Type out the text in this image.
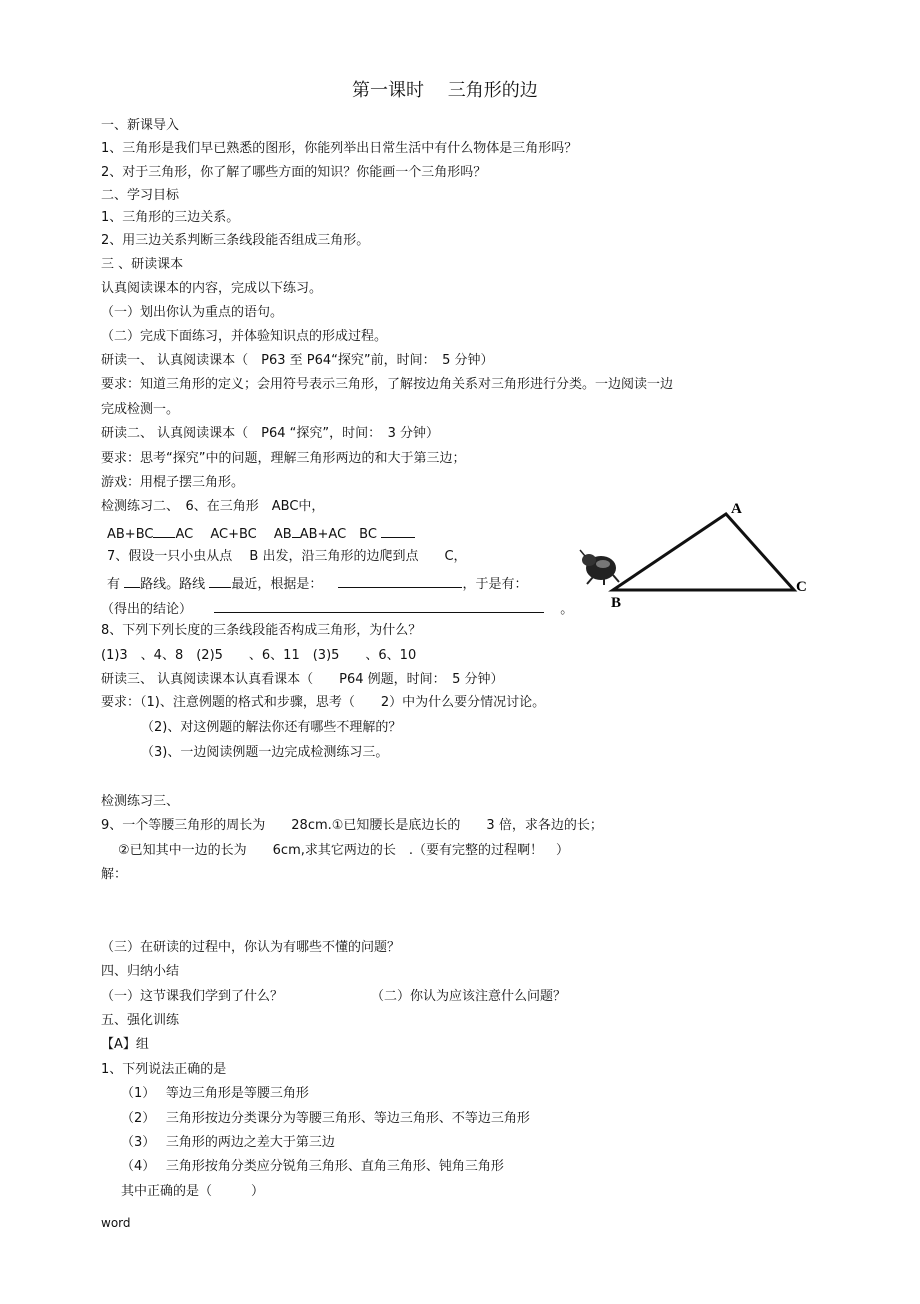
第一课时　 三角形的边
一、新课导入
1、三角形是我们早已熟悉的图形，你能列举出日常生活中有什么物体是三角形吗？
2、对于三角形，你了解了哪些方面的知识？你能画一个三角形吗？
二、学习目标
1、三角形的三边关系。
2、用三边关系判断三条线段能否组成三角形。
三 、研读课本
认真阅读课本的内容，完成以下练习。
（一）划出你认为重点的语句。
（二）完成下面练习，并体验知识点的形成过程。
研读一、 认真阅读课本（　P63 至 P64“探究”前，时间：　5 分钟）
要求：知道三角形的定义；会用符号表示三角形，了解按边角关系对三角形进行分类。一边阅读一边
完成检测一。
研读二、 认真阅读课本（　P64 “探究”，时间：　3 分钟）
要求：思考“探究”中的问题，理解三角形两边的和大于第三边；
游戏：用棍子摆三角形。
检测练习二、　6、在三角形　ABC中，
AB+BC AC　 AC+BC　 AB AB+AC　BC
7、假设一只小虫从点　 B 出发，沿三角形的边爬到点　　C，
有 路线。路线 最近，根据是：	，于是有：
（得出的结论）	。
A
B
C
8、下列下列长度的三条线段能否构成三角形，为什么？
(1)3　、4、8　(2)5　　、6、11　(3)5　　、6、10
研读三、 认真阅读课本认真看课本（　　P64 例题，时间：　5 分钟）
要求：（1)、注意例题的格式和步骤，思考（　　2）中为什么要分情况讨论。
（2)、对这例题的解法你还有哪些不理解的？
（3)、一边阅读例题一边完成检测练习三。
检测练习三、
9、一个等腰三角形的周长为　　28cm.①已知腰长是底边长的　　3 倍，求各边的长；
②已知其中一边的长为　　6cm,求其它两边的长　.（要有完整的过程啊！　）
解：
（三）在研读的过程中，你认为有哪些不懂的问题？
四、归纳小结
（一）这节课我们学到了什么？	（二）你认为应该注意什么问题？
五、强化训练
【A】组
1、下列说法正确的是
（1）　 等边三角形是等腰三角形
（2）　 三角形按边分类课分为等腰三角形、等边三角形、不等边三角形
（3）　 三角形的两边之差大于第三边
（4）　 三角形按角分类应分锐角三角形、直角三角形、钝角三角形
其中正确的是（　　　）
word
